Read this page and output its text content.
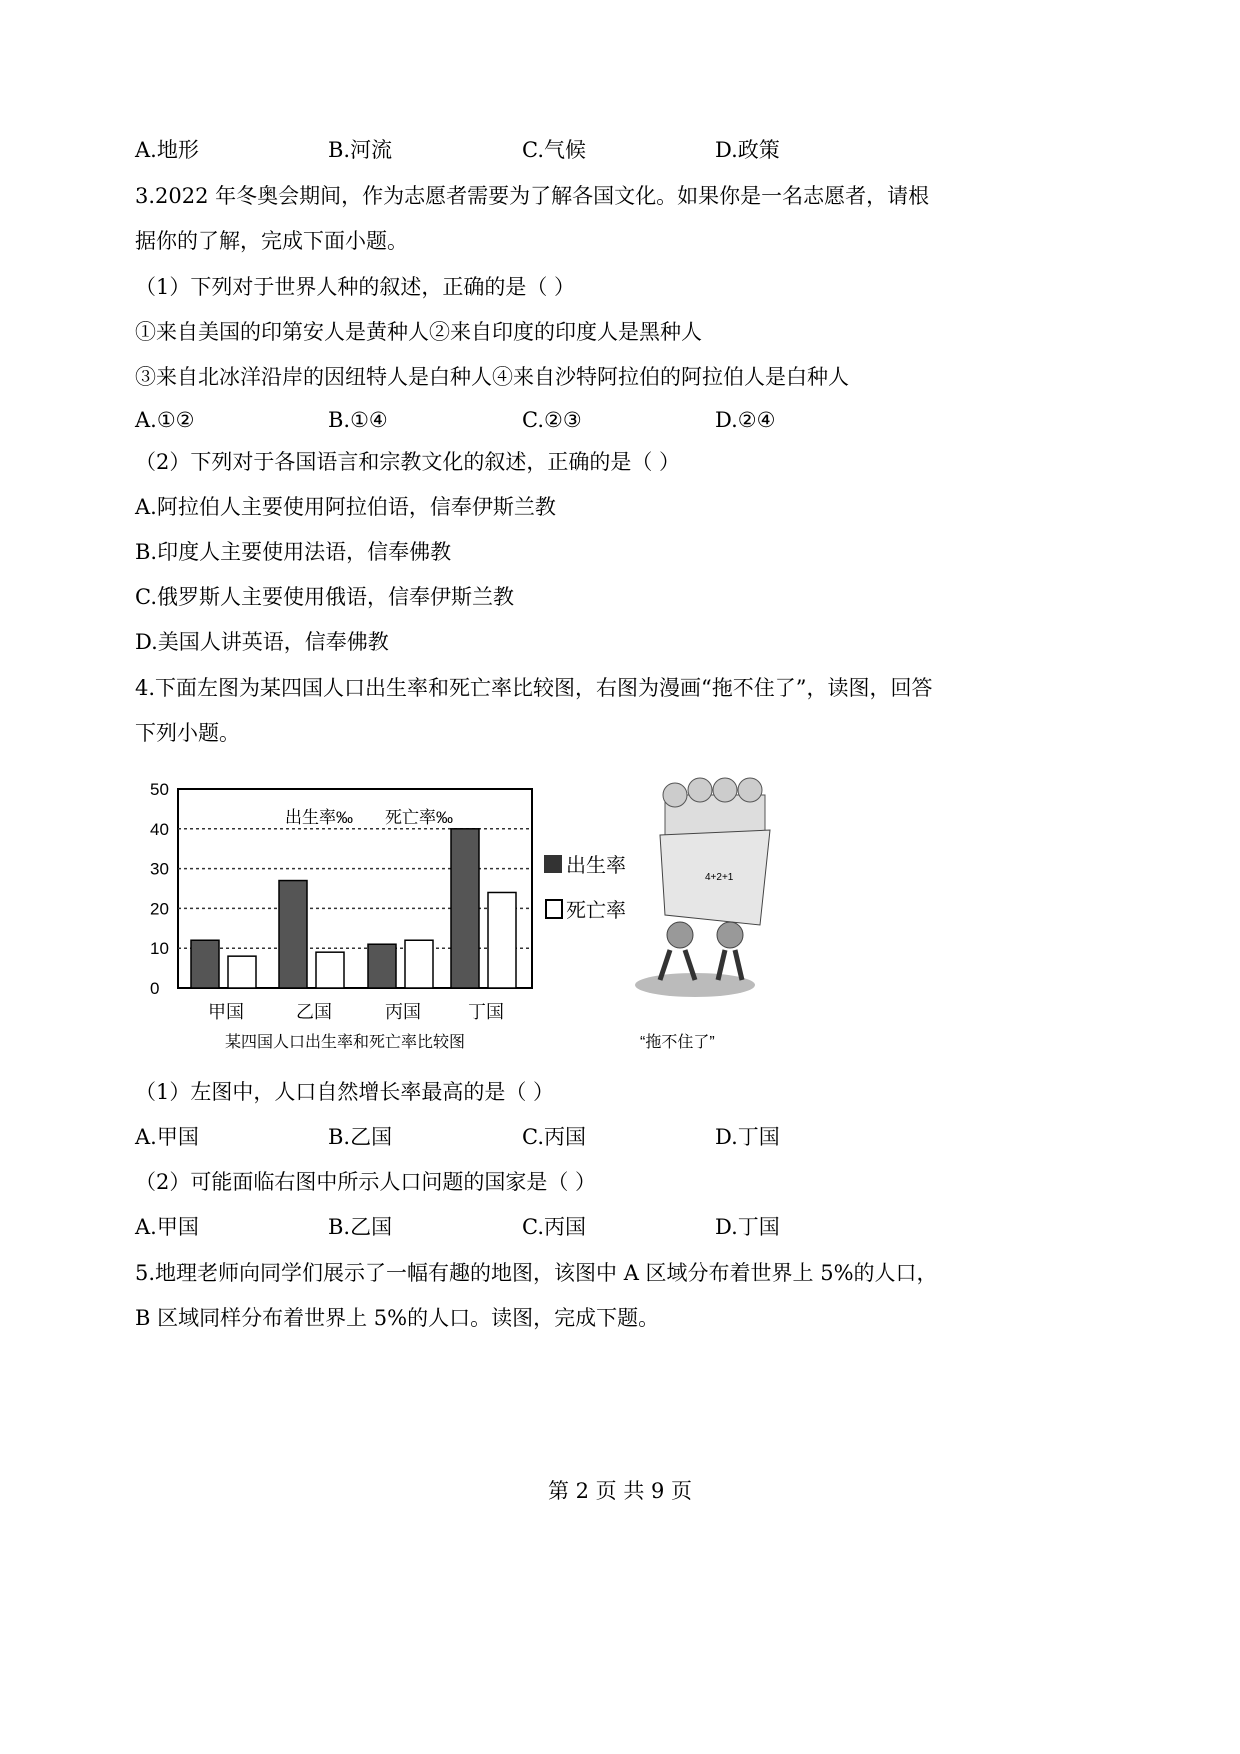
A.地形	B.河流	C.气候	D.政策
3.2022 年冬奥会期间，作为志愿者需要为了解各国文化。如果你是一名志愿者，请根
据你的了解，完成下面小题。
（1）下列对于世界人种的叙述，正确的是（ ）
①来自美国的印第安人是黄种人②来自印度的印度人是黑种人
③来自北冰洋沿岸的因纽特人是白种人④来自沙特阿拉伯的阿拉伯人是白种人
A.①②	B.①④	C.②③	D.②④
（2）下列对于各国语言和宗教文化的叙述，正确的是（ ）
A.阿拉伯人主要使用阿拉伯语，信奉伊斯兰教
B.印度人主要使用法语，信奉佛教
C.俄罗斯人主要使用俄语，信奉伊斯兰教
D.美国人讲英语，信奉佛教
4.下面左图为某四国人口出生率和死亡率比较图，右图为漫画“拖不住了”，读图，回答
下列小题。
0
10
20
30
40
50
甲国	乙国	丙国	丁国
出生率‰ 死亡率‰
出生率
死亡率
某四国人口出生率和死亡率比较图
4+2+1
“拖不住了”
（1）左图中，人口自然增长率最高的是（ ）
A.甲国	B.乙国	C.丙国	D.丁国
（2）可能面临右图中所示人口问题的国家是（ ）
A.甲国	B.乙国	C.丙国	D.丁国
5.地理老师向同学们展示了一幅有趣的地图，该图中 A 区域分布着世界上 5%的人口，
B 区域同样分布着世界上 5%的人口。读图，完成下题。
第 2 页 共 9 页
